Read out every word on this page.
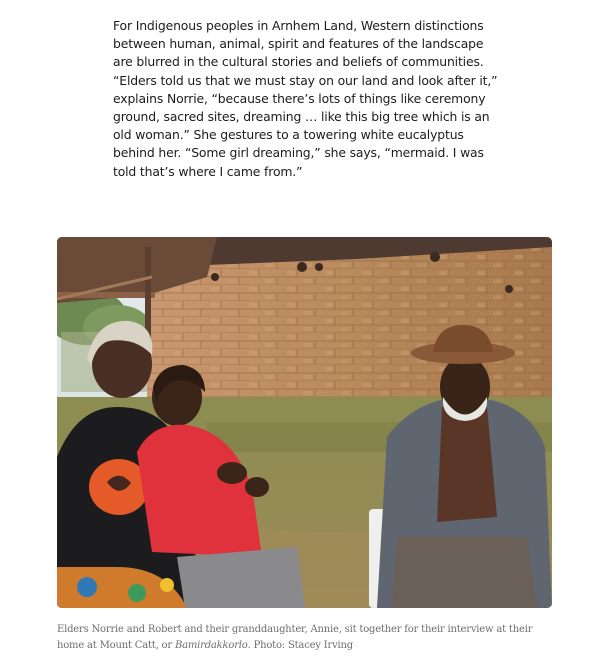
For Indigenous peoples in Arnhem Land, Western distinctions between human, animal, spirit and features of the landscape are blurred in the cultural stories and beliefs of communities. “Elders told us that we must stay on our land and look after it,” explains Norrie, “because there’s lots of things like ceremony ground, sacred sites, dreaming … like this big tree which is an old woman.” She gestures to a towering white eucalyptus behind her. “Some girl dreaming,” she says, “mermaid. I was told that’s where I came from.”

Elders Norrie and Robert and their granddaughter, Annie, sit together for their interview at their home at Mount Catt, or Bamirdakkorlo. Photo: Stacey Irving
